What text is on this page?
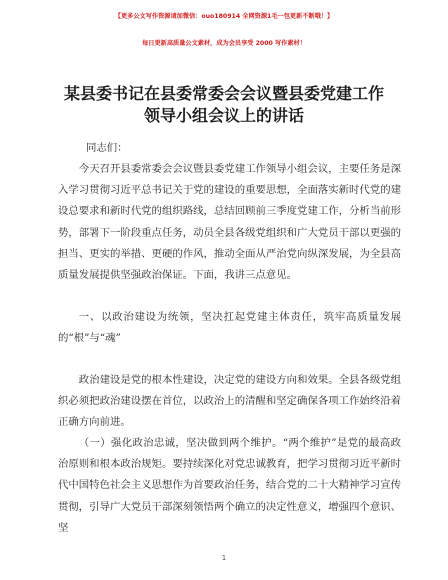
【更多公文写作资源请加微信：ouo180914 全网资源1毛一包更新不断哦！】
每日更新高质量公文素材，成为会员享受 2000 写作素材！
某县委书记在县委常委会会议暨县委党建工作
领导小组会议上的讲话

同志们：

今天召开县委常委会会议暨县委党建工作领导小组会议，主要任务是深入学习贯彻习近平总书记关于党的建设的重要思想，全面落实新时代党的建设总要求和新时代党的组织路线，总结回顾前三季度党建工作，分析当前形势，部署下一阶段重点任务，动员全县各级党组织和广大党员干部以更强的担当、更实的举措、更硬的作风，推动全面从严治党向纵深发展，为全县高质量发展提供坚强政治保证。下面，我讲三点意见。

一、以政治建设为统领，坚决扛起党建主体责任，筑牢高质量发展的“根”与“魂”

政治建设是党的根本性建设，决定党的建设方向和效果。全县各级党组织必须把政治建设摆在首位，以政治上的清醒和坚定确保各项工作始终沿着正确方向前进。

（一）强化政治忠诚，坚决做到两个维护。“两个维护”是党的最高政治原则和根本政治规矩。要持续深化对党忠诚教育，把学习贯彻习近平新时代中国特色社会主义思想作为首要政治任务，结合党的二十大精神学习宣传贯彻，引导广大党员干部深刻领悟两个确立的决定性意义，增强四个意识、坚

1
